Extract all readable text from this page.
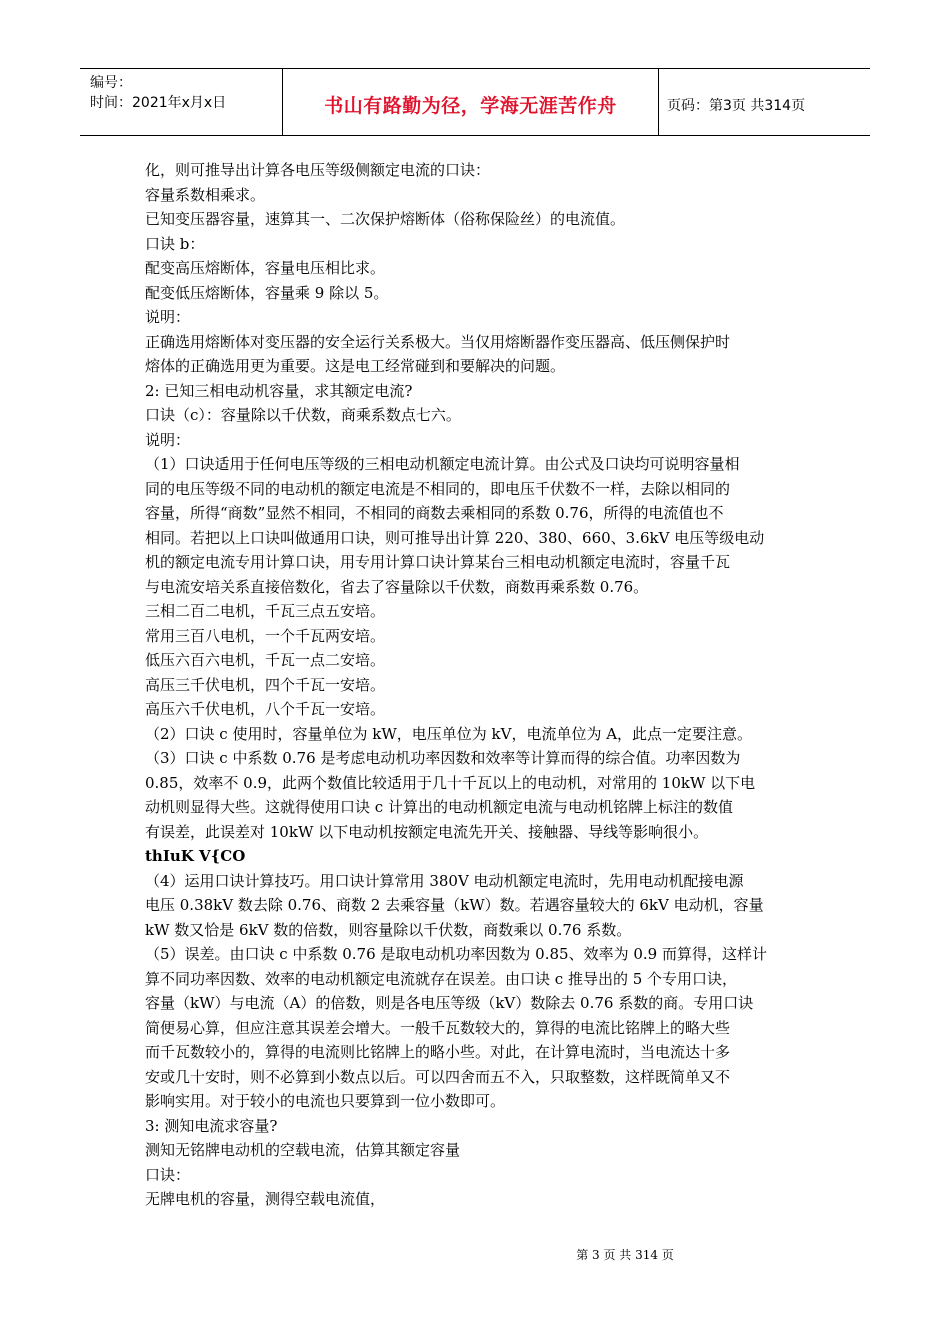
编号：
时间：2021年x月x日	书山有路勤为径，学海无涯苦作舟	页码：第3页 共314页
化，则可推导出计算各电压等级侧额定电流的口诀：
容量系数相乘求。
已知变压器容量，速算其一、二次保护熔断体（俗称保险丝）的电流值。
口诀 b：
配变高压熔断体，容量电压相比求。
配变低压熔断体，容量乘 9 除以 5。
说明：
正确选用熔断体对变压器的安全运行关系极大。当仅用熔断器作变压器高、低压侧保护时
熔体的正确选用更为重要。这是电工经常碰到和要解决的问题。
2: 已知三相电动机容量，求其额定电流?
口诀（c）：容量除以千伏数，商乘系数点七六。
说明：
（1）口诀适用于任何电压等级的三相电动机额定电流计算。由公式及口诀均可说明容量相
同的电压等级不同的电动机的额定电流是不相同的，即电压千伏数不一样，去除以相同的
容量，所得“商数”显然不相同，不相同的商数去乘相同的系数 0.76，所得的电流值也不
相同。若把以上口诀叫做通用口诀，则可推导出计算 220、380、660、3.6kV 电压等级电动
机的额定电流专用计算口诀，用专用计算口诀计算某台三相电动机额定电流时，容量千瓦
与电流安培关系直接倍数化，省去了容量除以千伏数，商数再乘系数 0.76。
三相二百二电机，千瓦三点五安培。
常用三百八电机，一个千瓦两安培。
低压六百六电机，千瓦一点二安培。
高压三千伏电机，四个千瓦一安培。
高压六千伏电机，八个千瓦一安培。
（2）口诀 c 使用时，容量单位为 kW，电压单位为 kV，电流单位为 A，此点一定要注意。
（3）口诀 c 中系数 0.76 是考虑电动机功率因数和效率等计算而得的综合值。功率因数为
0.85，效率不 0.9，此两个数值比较适用于几十千瓦以上的电动机，对常用的 10kW 以下电
动机则显得大些。这就得使用口诀 c 计算出的电动机额定电流与电动机铭牌上标注的数值
有误差，此误差对 10kW 以下电动机按额定电流先开关、接触器、导线等影响很小。
thIuK V{CO
（4）运用口诀计算技巧。用口诀计算常用 380V 电动机额定电流时，先用电动机配接电源
电压 0.38kV 数去除 0.76、商数 2 去乘容量（kW）数。若遇容量较大的 6kV 电动机，容量
kW 数又恰是 6kV 数的倍数，则容量除以千伏数，商数乘以 0.76 系数。
（5）误差。由口诀 c 中系数 0.76 是取电动机功率因数为 0.85、效率为 0.9 而算得，这样计
算不同功率因数、效率的电动机额定电流就存在误差。由口诀 c 推导出的 5 个专用口诀，
容量（kW）与电流（A）的倍数，则是各电压等级（kV）数除去 0.76 系数的商。专用口诀
简便易心算，但应注意其误差会增大。一般千瓦数较大的，算得的电流比铭牌上的略大些
而千瓦数较小的，算得的电流则比铭牌上的略小些。对此，在计算电流时，当电流达十多
安或几十安时，则不必算到小数点以后。可以四舍而五不入，只取整数，这样既简单又不
影响实用。对于较小的电流也只要算到一位小数即可。
3: 测知电流求容量?
测知无铭牌电动机的空载电流，估算其额定容量
口诀：
无牌电机的容量，测得空载电流值，
第 3 页 共 314 页
